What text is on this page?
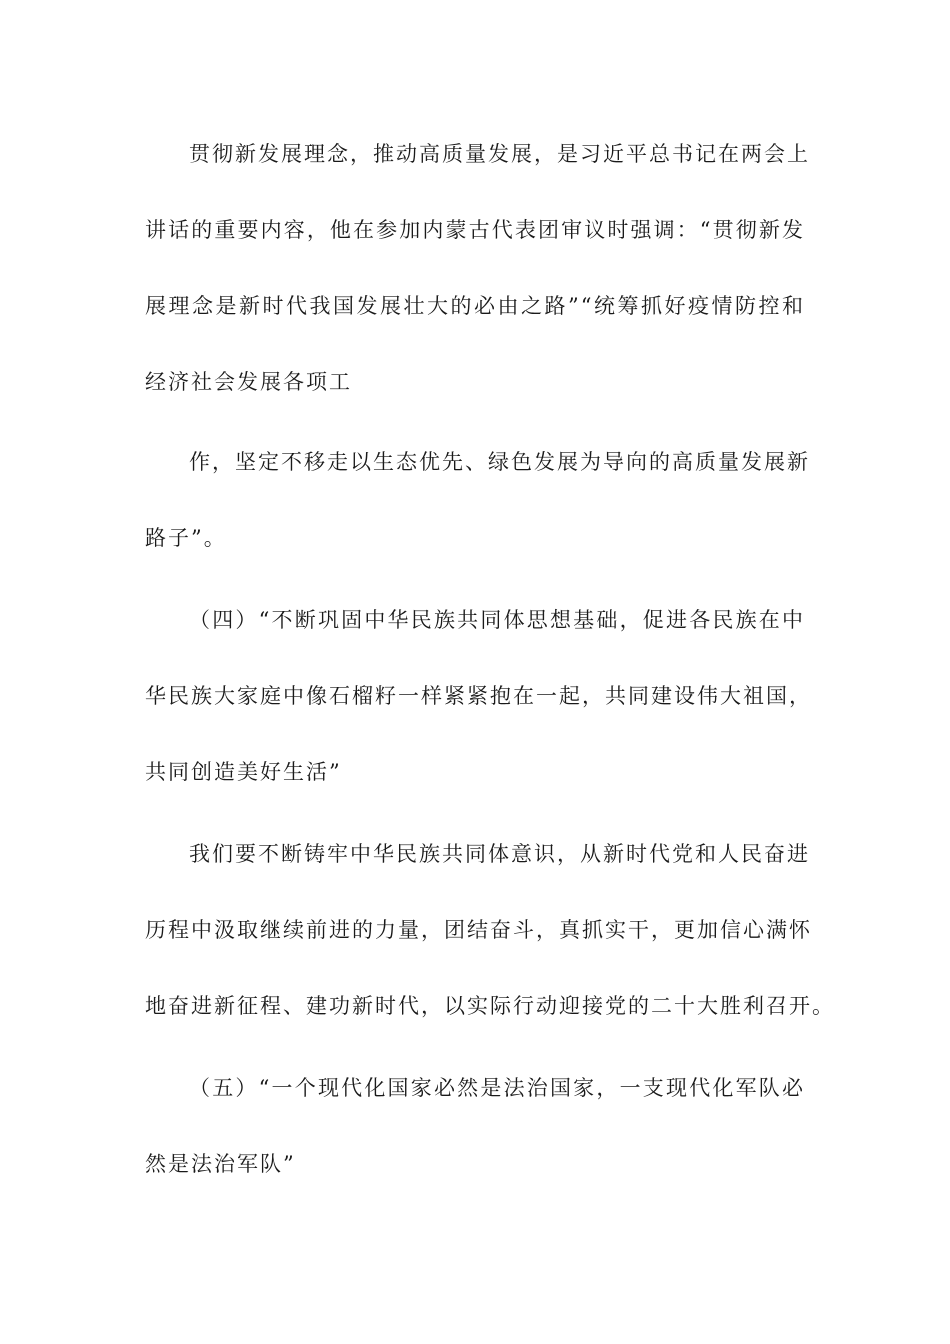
贯彻新发展理念，推动高质量发展，是习近平总书记在两会上
讲话的重要内容，他在参加内蒙古代表团审议时强调：“贯彻新发
展理念是新时代我国发展壮大的必由之路”“统筹抓好疫情防控和
经济社会发展各项工
作，坚定不移走以生态优先、绿色发展为导向的高质量发展新
路子”。
（四）“不断巩固中华民族共同体思想基础，促进各民族在中
华民族大家庭中像石榴籽一样紧紧抱在一起，共同建设伟大祖国，
共同创造美好生活”
我们要不断铸牢中华民族共同体意识，从新时代党和人民奋进
历程中汲取继续前进的力量，团结奋斗，真抓实干，更加信心满怀
地奋进新征程、建功新时代，以实际行动迎接党的二十大胜利召开。
（五）“一个现代化国家必然是法治国家，一支现代化军队必
然是法治军队”
